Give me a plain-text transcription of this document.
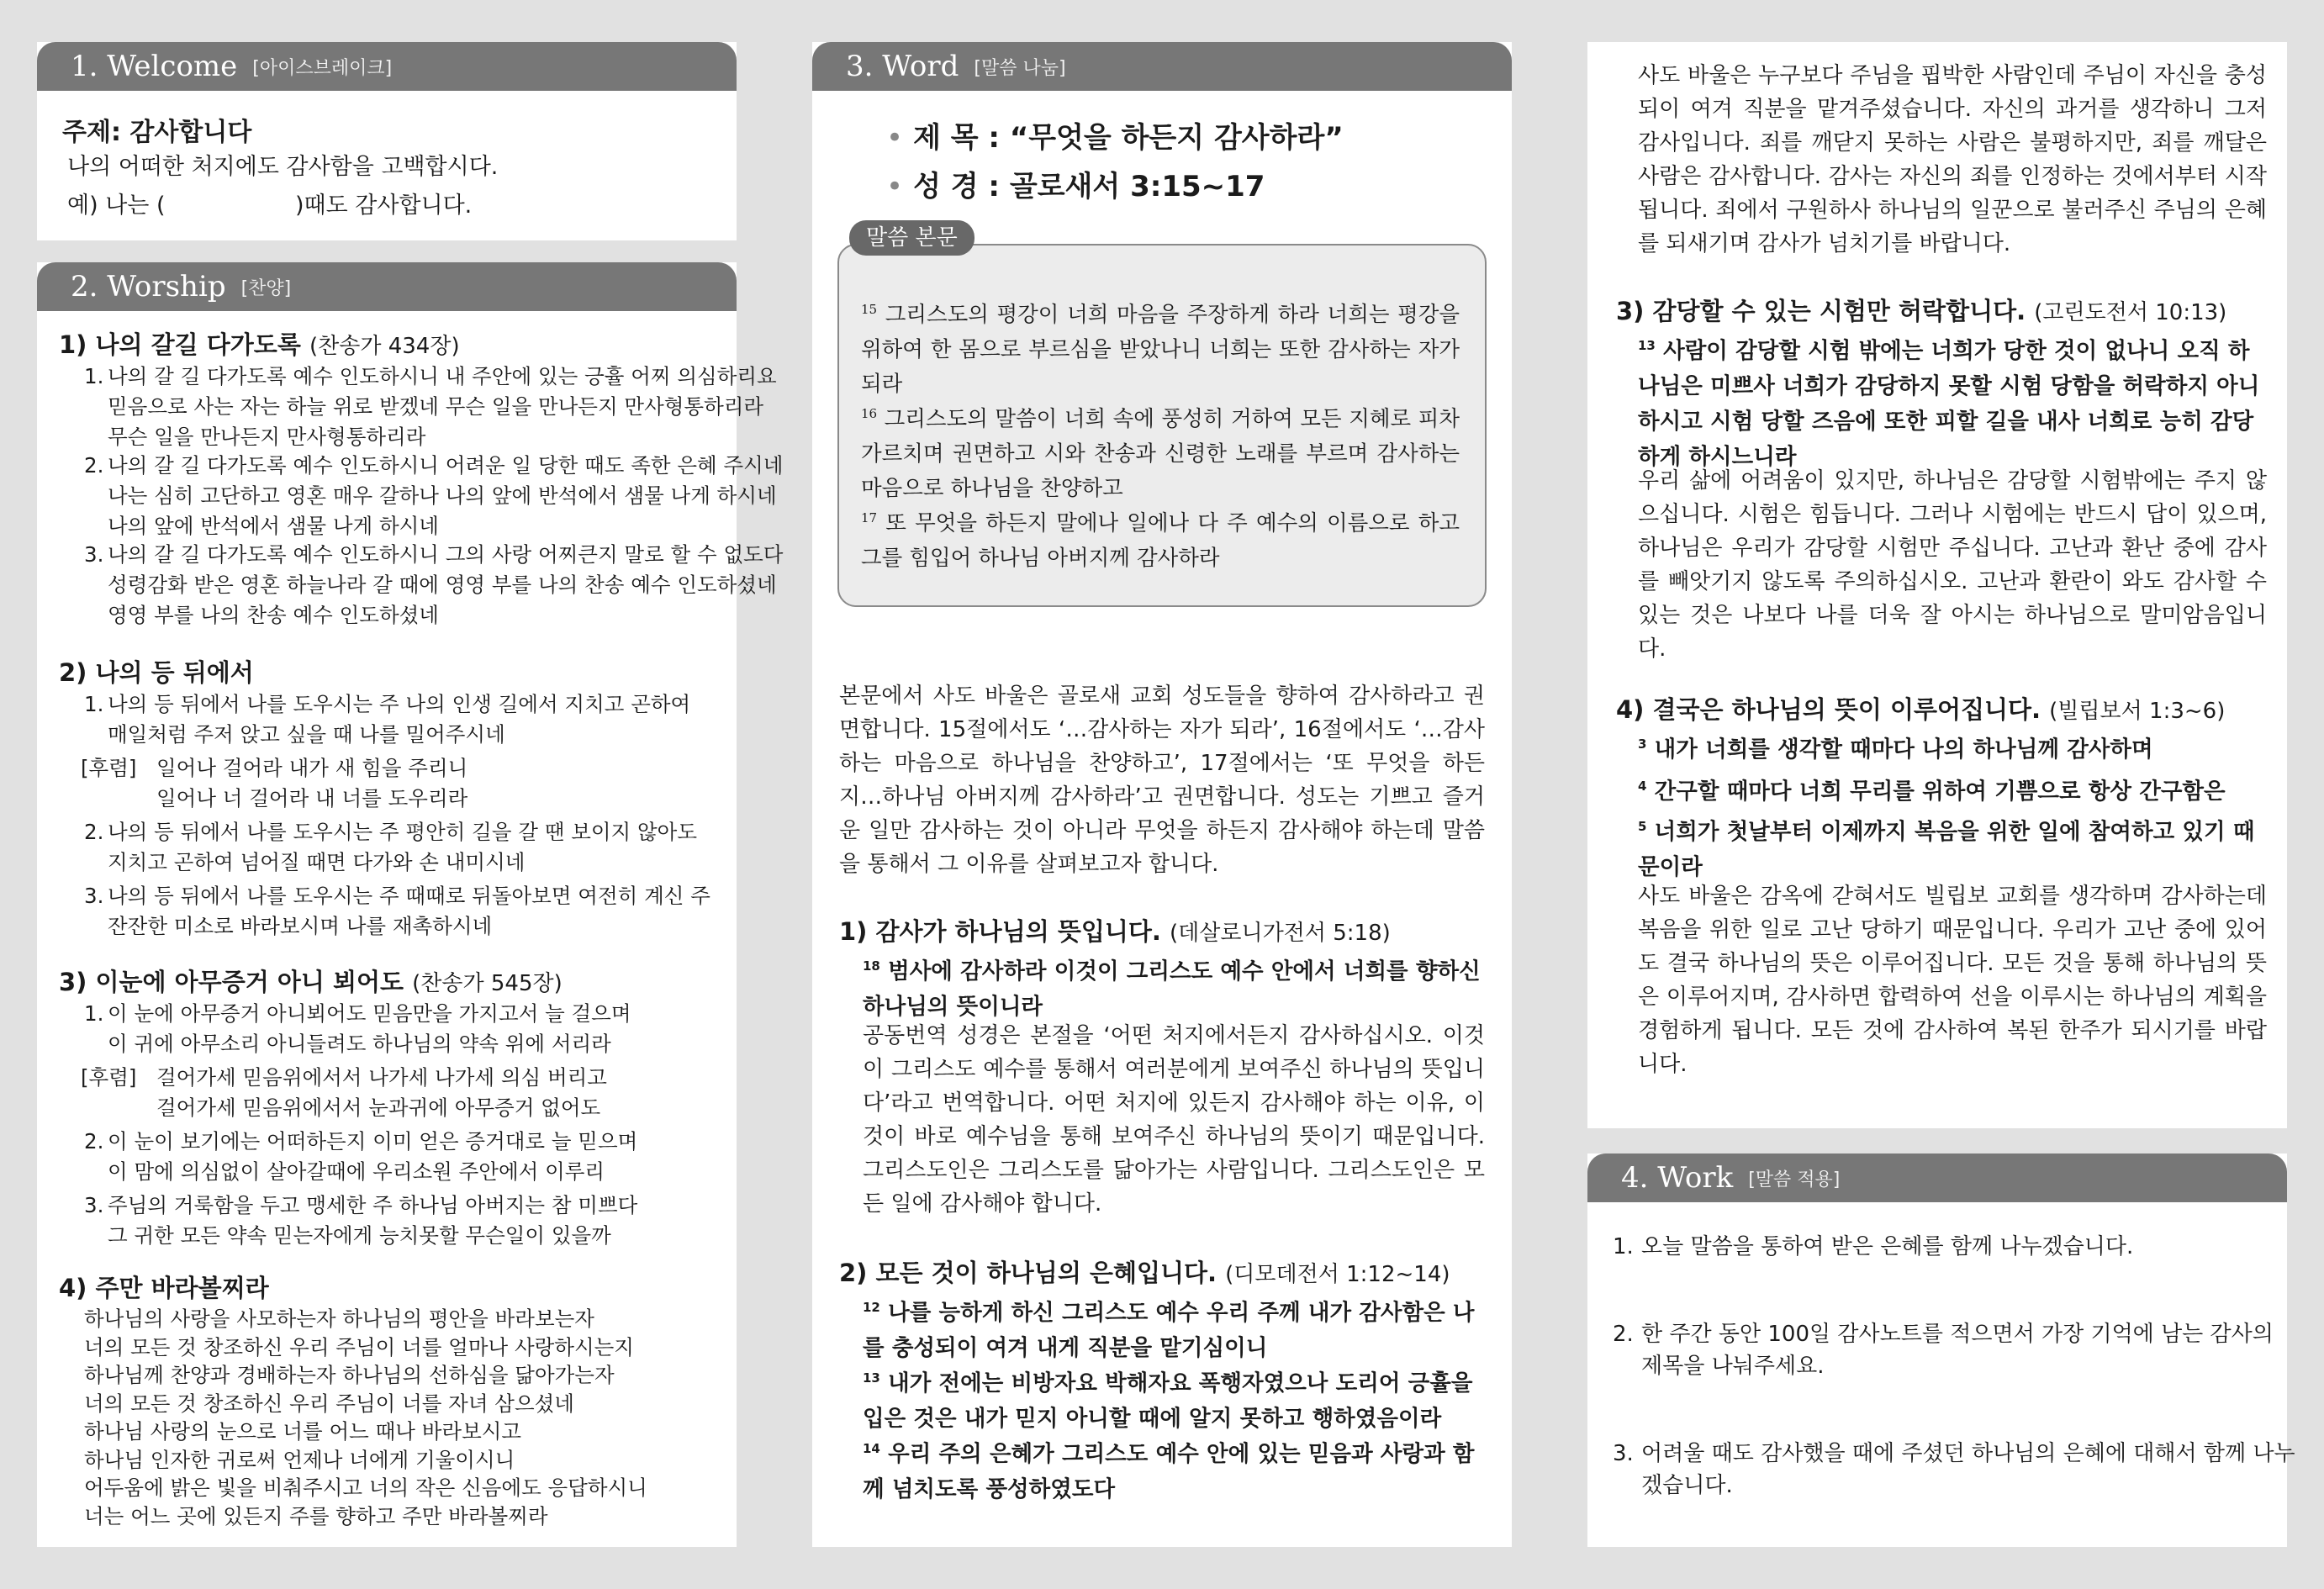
1. Welcome [아이스브레이크]
주제: 감사합니다
나의 어떠한 처지에도 감사함을 고백합시다.
예) 나는 (                  )때도 감사합니다.
2. Worship [찬양]
1) 나의 갈길 다가도록 (찬송가 434장)

1. 나의 갈 길 다가도록 예수 인도하시니 내 주안에 있는 긍휼 어찌 의심하리요
믿음으로 사는 자는 하늘 위로 받겠네 무슨 일을 만나든지 만사형통하리라
무슨 일을 만나든지 만사형통하리라

2. 나의 갈 길 다가도록 예수 인도하시니 어려운 일 당한 때도 족한 은혜 주시네
나는 심히 고단하고 영혼 매우 갈하나 나의 앞에 반석에서 샘물 나게 하시네
나의 앞에 반석에서 샘물 나게 하시네

3. 나의 갈 길 다가도록 예수 인도하시니 그의 사랑 어찌큰지 말로 할 수 없도다
성령감화 받은 영혼 하늘나라 갈 때에 영영 부를 나의 찬송 예수 인도하셨네
영영 부를 나의 찬송 예수 인도하셨네

2) 나의 등 뒤에서

1. 나의 등 뒤에서 나를 도우시는 주 나의 인생 길에서 지치고 곤하여
매일처럼 주저 앉고 싶을 때 나를 밀어주시네

[후렴] 일어나 걸어라 내가 새 힘을 주리니
일어나 너 걸어라 내 너를 도우리라

2. 나의 등 뒤에서 나를 도우시는 주 평안히 길을 갈 땐 보이지 않아도
지치고 곤하여 넘어질 때면 다가와 손 내미시네

3. 나의 등 뒤에서 나를 도우시는 주 때때로 뒤돌아보면 여전히 계신 주
잔잔한 미소로 바라보시며 나를 재촉하시네

3) 이눈에 아무증거 아니 뵈어도 (찬송가 545장)

1. 이 눈에 아무증거 아니뵈어도 믿음만을 가지고서 늘 걸으며
이 귀에 아무소리 아니들려도 하나님의 약속 위에 서리라

[후렴] 걸어가세 믿음위에서서 나가세 나가세 의심 버리고
걸어가세 믿음위에서서 눈과귀에 아무증거 없어도

2. 이 눈이 보기에는 어떠하든지 이미 얻은 증거대로 늘 믿으며
이 맘에 의심없이 살아갈때에 우리소원 주안에서 이루리

3. 주님의 거룩함을 두고 맹세한 주 하나님 아버지는 참 미쁘다
그 귀한 모든 약속 믿는자에게 능치못할 무슨일이 있을까

4) 주만 바라볼찌라
하나님의 사랑을 사모하는자 하나님의 평안을 바라보는자
너의 모든 것 창조하신 우리 주님이 너를 얼마나 사랑하시는지
하나님께 찬양과 경배하는자 하나님의 선하심을 닮아가는자
너의 모든 것 창조하신 우리 주님이 너를 자녀 삼으셨네
하나님 사랑의 눈으로 너를 어느 때나 바라보시고
하나님 인자한 귀로써 언제나 너에게 기울이시니
어두움에 밝은 빛을 비춰주시고 너의 작은 신음에도 응답하시니
너는 어느 곳에 있든지 주를 향하고 주만 바라볼찌라
3. Word [말씀 나눔]
• 제 목 : “무엇을 하든지 감사하라”
• 성 경 : 골로새서 3:15~17
말씀 본문
$^{15}$ 그리스도의 평강이 너희 마음을 주장하게 하라 너희는 평강을 위하여 한 몸으로 부르심을 받았나니 너희는 또한 감사하는 자가 되라
$^{16}$ 그리스도의 말씀이 너희 속에 풍성히 거하여 모든 지혜로 피차 가르치며 권면하고 시와 찬송과 신령한 노래를 부르며 감사하는 마음으로 하나님을 찬양하고
$^{17}$ 또 무엇을 하든지 말에나 일에나 다 주 예수의 이름으로 하고 그를 힘입어 하나님 아버지께 감사하라
본문에서 사도 바울은 골로새 교회 성도들을 향하여 감사하라고 권면합니다. 15절에서도 ‘…감사하는 자가 되라’, 16절에서도 ‘…감사하는 마음으로 하나님을 찬양하고’, 17절에서는 ‘또 무엇을 하든지…하나님 아버지께 감사하라’고 권면합니다. 성도는 기쁘고 즐거운 일만 감사하는 것이 아니라 무엇을 하든지 감사해야 하는데 말씀을 통해서 그 이유를 살펴보고자 합니다.
1) 감사가 하나님의 뜻입니다. (데살로니가전서 5:18)
$^{18}$ 범사에 감사하라 이것이 그리스도 예수 안에서 너희를 향하신 하나님의 뜻이니라
공동번역 성경은 본절을 ‘어떤 처지에서든지 감사하십시오. 이것이 그리스도 예수를 통해서 여러분에게 보여주신 하나님의 뜻입니다’라고 번역합니다. 어떤 처지에 있든지 감사해야 하는 이유, 이것이 바로 예수님을 통해 보여주신 하나님의 뜻이기 때문입니다. 그리스도인은 그리스도를 닮아가는 사람입니다. 그리스도인은 모든 일에 감사해야 합니다.
2) 모든 것이 하나님의 은혜입니다. (디모데전서 1:12~14)
$^{12}$ 나를 능하게 하신 그리스도 예수 우리 주께 내가 감사함은 나를 충성되이 여겨 내게 직분을 맡기심이니
$^{13}$ 내가 전에는 비방자요 박해자요 폭행자였으나 도리어 긍휼을 입은 것은 내가 믿지 아니할 때에 알지 못하고 행하였음이라
$^{14}$ 우리 주의 은혜가 그리스도 예수 안에 있는 믿음과 사랑과 함께 넘치도록 풍성하였도다
사도 바울은 누구보다 주님을 핍박한 사람인데 주님이 자신을 충성되이 여겨 직분을 맡겨주셨습니다. 자신의 과거를 생각하니 그저 감사입니다. 죄를 깨닫지 못하는 사람은 불평하지만, 죄를 깨달은 사람은 감사합니다. 감사는 자신의 죄를 인정하는 것에서부터 시작됩니다. 죄에서 구원하사 하나님의 일꾼으로 불러주신 주님의 은혜를 되새기며 감사가 넘치기를 바랍니다.
3) 감당할 수 있는 시험만 허락합니다. (고린도전서 10:13)
$^{13}$ 사람이 감당할 시험 밖에는 너희가 당한 것이 없나니 오직 하나님은 미쁘사 너희가 감당하지 못할 시험 당함을 허락하지 아니하시고 시험 당할 즈음에 또한 피할 길을 내사 너희로 능히 감당하게 하시느니라
우리 삶에 어려움이 있지만, 하나님은 감당할 시험밖에는 주지 않으십니다. 시험은 힘듭니다. 그러나 시험에는 반드시 답이 있으며, 하나님은 우리가 감당할 시험만 주십니다. 고난과 환난 중에 감사를 빼앗기지 않도록 주의하십시오. 고난과 환란이 와도 감사할 수 있는 것은 나보다 나를 더욱 잘 아시는 하나님으로 말미암음입니다.
4) 결국은 하나님의 뜻이 이루어집니다. (빌립보서 1:3~6)
$^3$ 내가 너희를 생각할 때마다 나의 하나님께 감사하며
$^4$ 간구할 때마다 너희 무리를 위하여 기쁨으로 항상 간구함은
$^5$ 너희가 첫날부터 이제까지 복음을 위한 일에 참여하고 있기 때문이라
사도 바울은 감옥에 갇혀서도 빌립보 교회를 생각하며 감사하는데 복음을 위한 일로 고난 당하기 때문입니다. 우리가 고난 중에 있어도 결국 하나님의 뜻은 이루어집니다. 모든 것을 통해 하나님의 뜻은 이루어지며, 감사하면 합력하여 선을 이루시는 하나님의 계획을 경험하게 됩니다. 모든 것에 감사하여 복된 한주가 되시기를 바랍니다.
4. Work [말씀 적용]
1. 오늘 말씀을 통하여 받은 은혜를 함께 나누겠습니다.
2. 한 주간 동안 100일 감사노트를 적으면서 가장 기억에 남는 감사의 제목을 나눠주세요.
3. 어려울 때도 감사했을 때에 주셨던 하나님의 은혜에 대해서 함께 나누겠습니다.
